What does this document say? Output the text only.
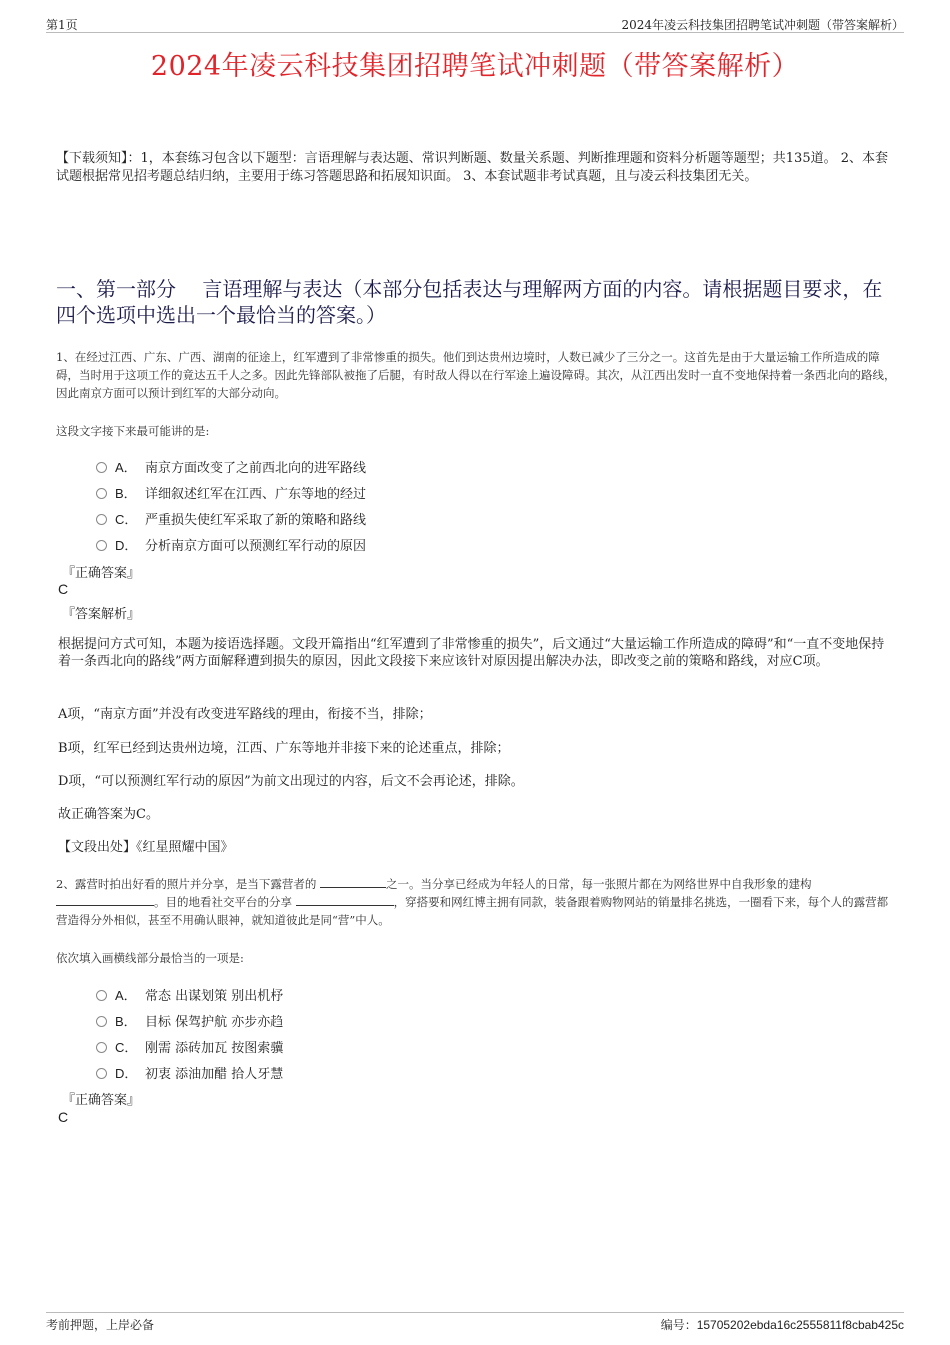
第1页	2024年凌云科技集团招聘笔试冲刺题（带答案解析）
2024年凌云科技集团招聘笔试冲刺题（带答案解析）
【下载须知】：1，本套练习包含以下题型：言语理解与表达题、常识判断题、数量关系题、判断推理题和资料分析题等题型；共135道。 2、本套试题根据常见招考题总结归纳，主要用于练习答题思路和拓展知识面。 3、本套试题非考试真题，且与凌云科技集团无关。
一、第一部分　 言语理解与表达（本部分包括表达与理解两方面的内容。请根据题目要求，在四个选项中选出一个最恰当的答案。）
1、在经过江西、广东、广西、湖南的征途上，红军遭到了非常惨重的损失。他们到达贵州边境时，人数已减少了三分之一。这首先是由于大量运输工作所造成的障碍，当时用于这项工作的竟达五千人之多。因此先锋部队被拖了后腿，有时敌人得以在行军途上遍设障碍。其次，从江西出发时一直不变地保持着一条西北向的路线，因此南京方面可以预计到红军的大部分动向。
这段文字接下来最可能讲的是:
A． 南京方面改变了之前西北向的进军路线
B． 详细叙述红军在江西、广东等地的经过
C． 严重损失使红军采取了新的策略和路线
D． 分析南京方面可以预测红军行动的原因
『正确答案』
C
『答案解析』
根据提问方式可知，本题为接语选择题。文段开篇指出“红军遭到了非常惨重的损失”，后文通过“大量运输工作所造成的障碍”和“一直不变地保持着一条西北向的路线”两方面解释遭到损失的原因，因此文段接下来应该针对原因提出解决办法，即改变之前的策略和路线，对应C项。
A项，“南京方面”并没有改变进军路线的理由，衔接不当，排除；
B项，红军已经到达贵州边境，江西、广东等地并非接下来的论述重点，排除；
D项，“可以预测红军行动的原因”为前文出现过的内容，后文不会再论述，排除。
故正确答案为C。
【文段出处】《红星照耀中国》
2、露营时拍出好看的照片并分享，是当下露营者的	之一。当分享已经成为年轻人的日常，每一张照片都在为网络世界中自我形象的建构 。目的地看社交平台的分享	，穿搭要和网红博主拥有同款，装备跟着购物网站的销量排名挑选，一圈看下来，每个人的露营都营造得分外相似，甚至不用确认眼神，就知道彼此是同“营”中人。
依次填入画横线部分最恰当的一项是:
A． 常态 出谋划策 别出机杼
B． 目标 保驾护航 亦步亦趋
C． 刚需 添砖加瓦 按图索骥
D． 初衷 添油加醋 拾人牙慧
『正确答案』
C
考前押题，上岸必备	编号：15705202ebda16c2555811f8cbab425c
